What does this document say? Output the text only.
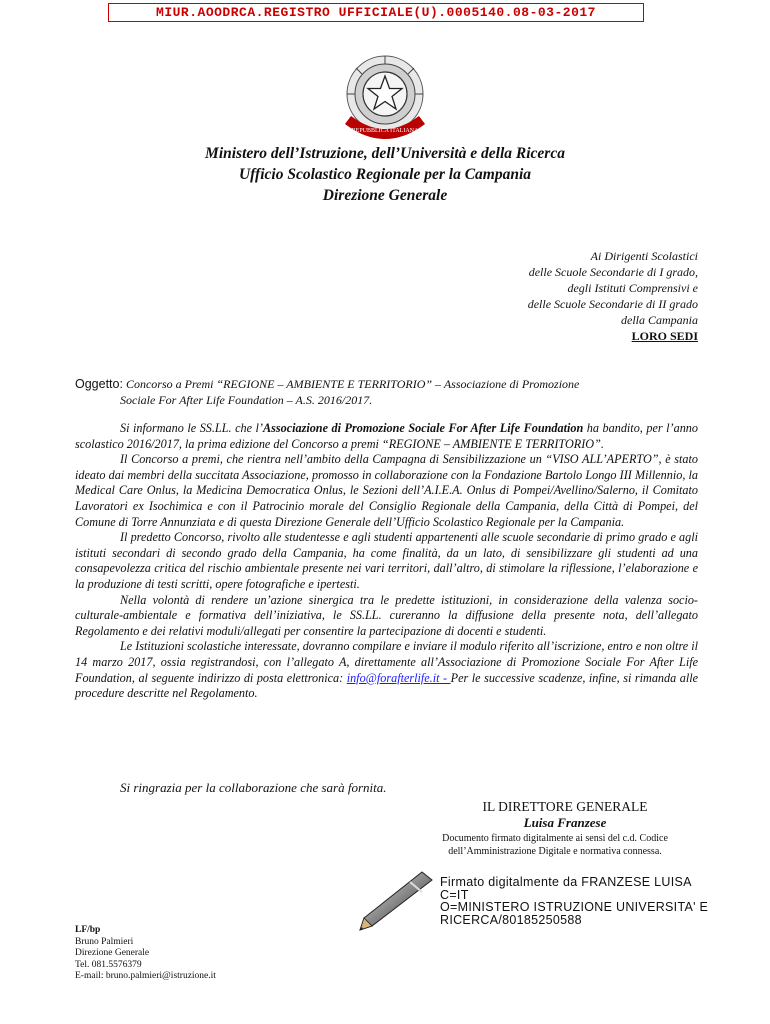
MIUR.AOODRCA.REGISTRO UFFICIALE(U).0005140.08-03-2017
REPUBBLICA ITALIANA
Ministero dell’Istruzione, dell’Università e della Ricerca
Ufficio Scolastico Regionale per la Campania
Direzione Generale
Ai Dirigenti Scolastici
delle Scuole Secondarie di I grado,
degli Istituti Comprensivi e
delle Scuole Secondarie di II grado
della Campania
LORO SEDI
Oggetto: Concorso a Premi “REGIONE – AMBIENTE E TERRITORIO” – Associazione di Promozione
Sociale For After Life Foundation – A.S. 2016/2017.

Si informano le SS.LL. che l’Associazione di Promozione Sociale For After Life Foundation ha bandito, per l’anno scolastico 2016/2017, la prima edizione del Concorso a premi “REGIONE – AMBIENTE E TERRITORIO”.

Il Concorso a premi, che rientra nell’ambito della Campagna di Sensibilizzazione un “VISO ALL’APERTO”, è stato ideato dai membri della succitata Associazione, promosso in collaborazione con la Fondazione Bartolo Longo III Millennio, la Medical Care Onlus, la Medicina Democratica Onlus, le Sezioni dell’A.I.E.A. Onlus di Pompei/Avellino/Salerno, il Comitato Lavoratori ex Isochimica e con il Patrocinio morale del Consiglio Regionale della Campania, della Città di Pompei, del Comune di Torre Annunziata e di questa Direzione Generale dell’Ufficio Scolastico Regionale per la Campania.

Il predetto Concorso, rivolto alle studentesse e agli studenti appartenenti alle scuole secondarie di primo grado e agli istituti secondari di secondo grado della Campania, ha come finalità, da un lato, di sensibilizzare gli studenti ad una consapevolezza critica del rischio ambientale presente nei vari territori, dall’altro, di stimolare la riflessione, l’elaborazione e la produzione di testi scritti, opere fotografiche e ipertesti.

Nella volontà di rendere un’azione sinergica tra le predette istituzioni, in considerazione della valenza socio-culturale-ambientale e formativa dell’iniziativa, le SS.LL. cureranno la diffusione della presente nota, dell’allegato Regolamento e dei relativi moduli/allegati per consentire la partecipazione di docenti e studenti.

Le Istituzioni scolastiche interessate, dovranno compilare e inviare il modulo riferito all’iscrizione, entro e non oltre il 14 marzo 2017, ossia registrandosi, con l’allegato A, direttamente all’Associazione di Promozione Sociale For After Life Foundation, al seguente indirizzo di posta elettronica: info@forafterlife.it - Per le successive scadenze, infine, si rimanda alle procedure descritte nel Regolamento.

Si ringrazia per la collaborazione che sarà fornita.
IL DIRETTORE GENERALE
Luisa Franzese
Documento firmato digitalmente ai sensi del c.d. Codice
dell’Amministrazione Digitale e normativa connessa.
Firmato digitalmente da FRANZESE LUISA
C=IT
O=MINISTERO ISTRUZIONE UNIVERSITA' E
RICERCA/80185250588
LF/bp
Bruno Palmieri
Direzione Generale
Tel. 081.5576379
E-mail: bruno.palmieri@istruzione.it
